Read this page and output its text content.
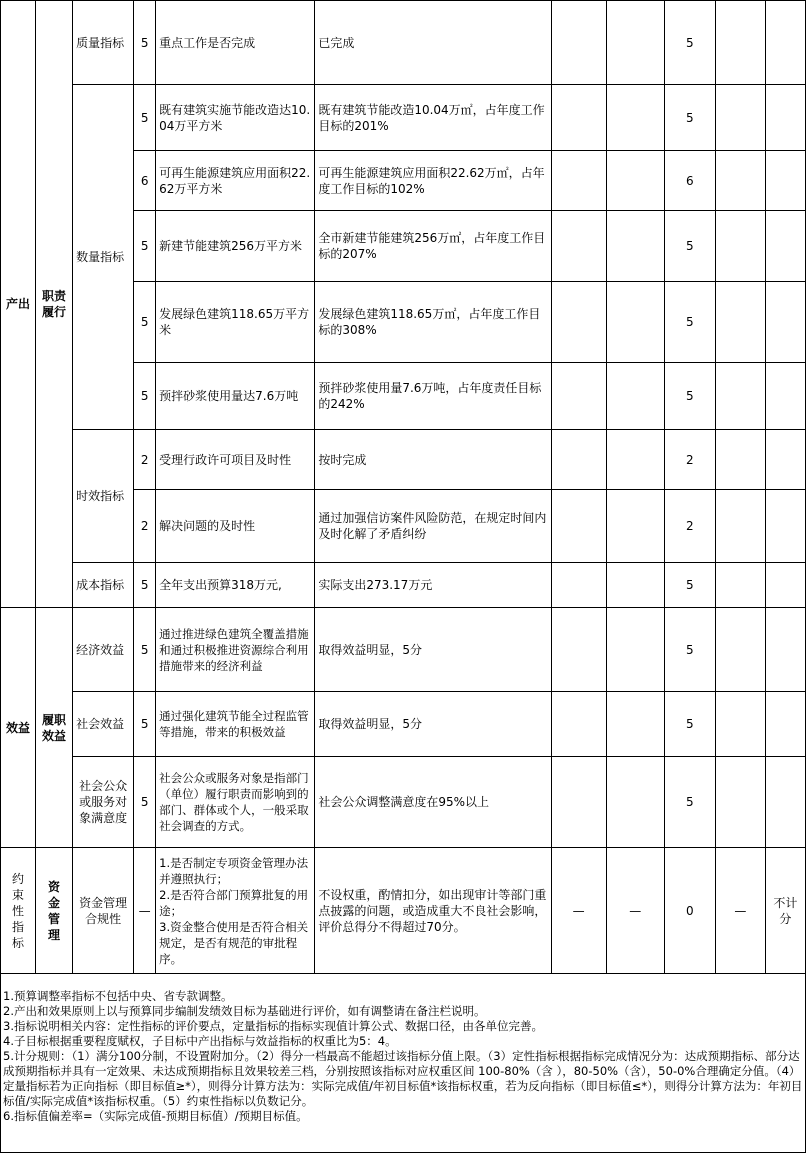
产出	职责履行	质量指标	5	重点工作是否完成	已完成			5		
		数量指标	5	既有建筑实施节能改造达10.04万平方米	既有建筑节能改造10.04万㎡，占年度工作目标的201%			5		
			6	可再生能源建筑应用面积22.62万平方米	可再生能源建筑应用面积22.62万㎡，占年度工作目标的102%			6		
			5	新建节能建筑256万平方米	全市新建节能建筑256万㎡，占年度工作目标的207%			5		
			5	发展绿色建筑118.65万平方米	发展绿色建筑118.65万㎡，占年度工作目标的308%			5		
			5	预拌砂浆使用量达7.6万吨	预拌砂浆使用量7.6万吨，占年度责任目标的242%			5		
		时效指标	2	受理行政许可项目及时性	按时完成			2		
			2	解决问题的及时性	通过加强信访案件风险防范，在规定时间内及时化解了矛盾纠纷			2		
		成本指标	5	全年支出预算318万元,	实际支出273.17万元			5		

效益	履职效益	经济效益	5	通过推进绿色建筑全覆盖措施和通过积极推进资源综合利用措施带来的经济利益	取得效益明显，5分			5		
		社会效益	5	通过强化建筑节能全过程监管等措施，带来的积极效益	取得效益明显，5分			5		
		社会公众或服务对象满意度	5	社会公众或服务对象是指部门（单位）履行职责而影响到的部门、群体或个人，一般采取社会调查的方式。	社会公众调整满意度在95%以上			5		
约束性指标	资金管理	资金管理合规性	—	1.是否制定专项资金管理办法并遵照执行；
2.是否符合部门预算批复的用途；
3.资金整合使用是否符合相关规定，是否有规范的审批程序。	不设权重，酌情扣分，如出现审计等部门重点披露的问题，或造成重大不良社会影响，评价总得分不得超过70分。	—	—	0	—	不计分
1.预算调整率指标不包括中央、省专款调整。
2.产出和效果原则上以与预算同步编制发绩效目标为基础进行评价，如有调整请在备注栏说明。
3.指标说明相关内容：定性指标的评价要点，定量指标的指标实现值计算公式、数据口径，由各单位完善。
4.子目标根据重要程度赋权，子目标中产出指标与效益指标的权重比为5：4。
5.计分规则：（1）满分100分制，不设置附加分。（2）得分一档最高不能超过该指标分值上限。（3）定性指标根据指标完成情况分为：达成预期指标、部分达成预期指标并具有一定效果、未达成预期指标且效果较差三档，分别按照该指标对应权重区间 100-80%（含 ），80-50%（含），50-0%合理确定分值。（4）定量指标若为正向指标（即目标值≥*），则得分计算方法为：实际完成值/年初目标值*该指标权重，若为反向指标（即目标值≤*），则得分计算方法为：年初目标值/实际完成值*该指标权重。（5）约束性指标以负数记分。
6.指标值偏差率=（实际完成值-预期目标值）/预期目标值。
